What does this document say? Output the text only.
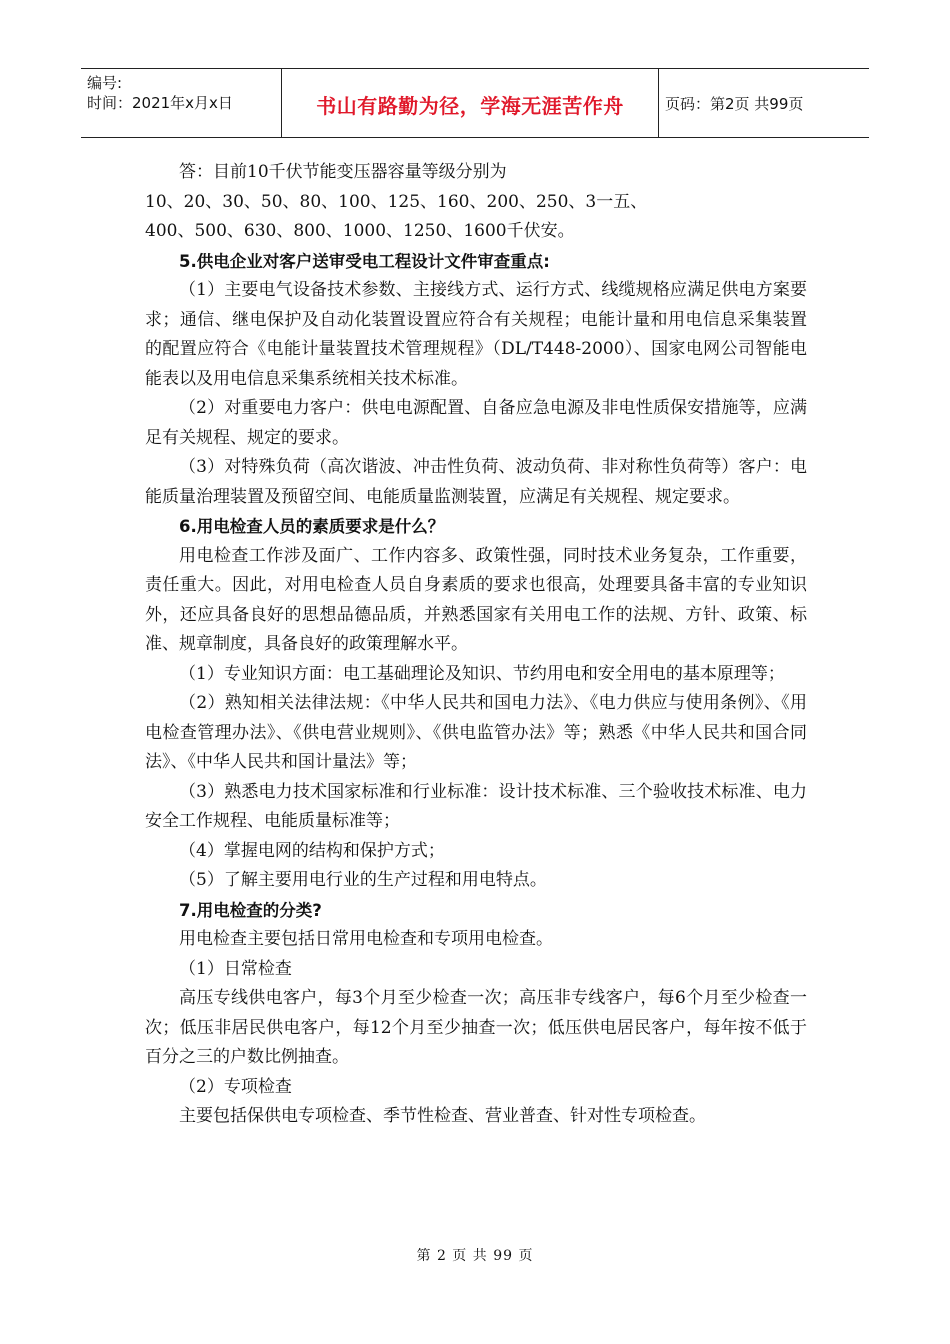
编号:
时间：2021年x月x日	书山有路勤为径，学海无涯苦作舟	页码：第2页 共99页

答：目前10千伏节能变压器容量等级分别为

10、20、30、50、80、100、125、160、200、250、3一五、

400、500、630、800、1000、1250、1600千伏安。

5.供电企业对客户送审受电工程设计文件审查重点:

（1）主要电气设备技术参数、主接线方式、运行方式、线缆规格应满足供电方案要求；通信、继电保护及自动化装置设置应符合有关规程；电能计量和用电信息采集装置的配置应符合《电能计量装置技术管理规程》（DL/T448-2000）、国家电网公司智能电能表以及用电信息采集系统相关技术标准。

（2）对重要电力客户：供电电源配置、自备应急电源及非电性质保安措施等，应满足有关规程、规定的要求。

（3）对特殊负荷（高次谐波、冲击性负荷、波动负荷、非对称性负荷等）客户：电能质量治理装置及预留空间、电能质量监测装置，应满足有关规程、规定要求。

6.用电检查人员的素质要求是什么？

用电检查工作涉及面广、工作内容多、政策性强，同时技术业务复杂，工作重要，责任重大。因此，对用电检查人员自身素质的要求也很高，处理要具备丰富的专业知识外，还应具备良好的思想品德品质，并熟悉国家有关用电工作的法规、方针、政策、标准、规章制度，具备良好的政策理解水平。

（1）专业知识方面：电工基础理论及知识、节约用电和安全用电的基本原理等；

（2）熟知相关法律法规：《中华人民共和国电力法》、《电力供应与使用条例》、《用电检查管理办法》、《供电营业规则》、《供电监管办法》等；熟悉《中华人民共和国合同法》、《中华人民共和国计量法》等；

（3）熟悉电力技术国家标准和行业标准：设计技术标准、三个验收技术标准、电力安全工作规程、电能质量标准等；

（4）掌握电网的结构和保护方式；

（5）了解主要用电行业的生产过程和用电特点。

7.用电检查的分类?

用电检查主要包括日常用电检查和专项用电检查。

（1）日常检查

高压专线供电客户，每3个月至少检查一次；高压非专线客户，每6个月至少检查一次；低压非居民供电客户，每12个月至少抽查一次；低压供电居民客户，每年按不低于百分之三的户数比例抽查。

（2）专项检查

主要包括保供电专项检查、季节性检查、营业普查、针对性专项检查。

第 2 页 共 99 页
